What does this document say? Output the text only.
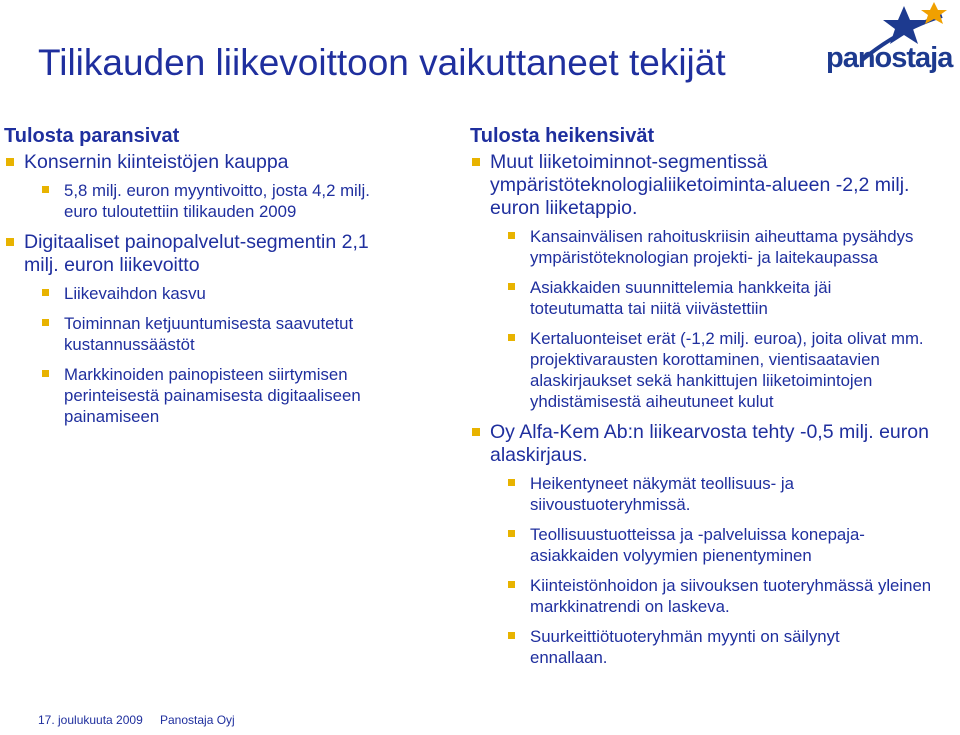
Tilikauden liikevoittoon vaikuttaneet tekijät	panostaja
Tulosta paransivat
Konsernin kiinteistöjen kauppa
5,8 milj. euron myyntivoitto, josta 4,2 milj. euro tuloutettiin tilikauden 2009
Digitaaliset painopalvelut-segmentin 2,1 milj. euron liikevoitto
Liikevaihdon kasvu
Toiminnan ketjuuntumisesta saavutetut kustannussäästöt
Markkinoiden painopisteen siirtymisen perinteisestä painamisesta digitaaliseen painamiseen
Tulosta heikensivät
Muut liiketoiminnot-segmentissä ympäristöteknologialiiketoiminta-alueen -2,2 milj. euron liiketappio.
Kansainvälisen rahoituskriisin aiheuttama pysähdys ympäristöteknologian projekti- ja laitekaupassa
Asiakkaiden suunnittelemia hankkeita jäi toteutumatta tai niitä viivästettiin
Kertaluonteiset erät (-1,2 milj. euroa), joita olivat mm. projektivarausten korottaminen, vientisaatavien alaskirjaukset sekä hankittujen liiketoimintojen yhdistämisestä aiheutuneet kulut
Oy Alfa-Kem Ab:n liikearvosta tehty -0,5 milj. euron alaskirjaus.
Heikentyneet näkymät teollisuus- ja siivoustuoteryhmissä.
Teollisuustuotteissa ja -palveluissa konepaja-asiakkaiden volyymien pienentyminen
Kiinteistönhoidon ja siivouksen tuoteryhmässä yleinen markkinatrendi on laskeva.
Suurkeittiötuoteryhmän myynti on säilynyt ennallaan.
17. joulukuuta 2009 Panostaja Oyj
